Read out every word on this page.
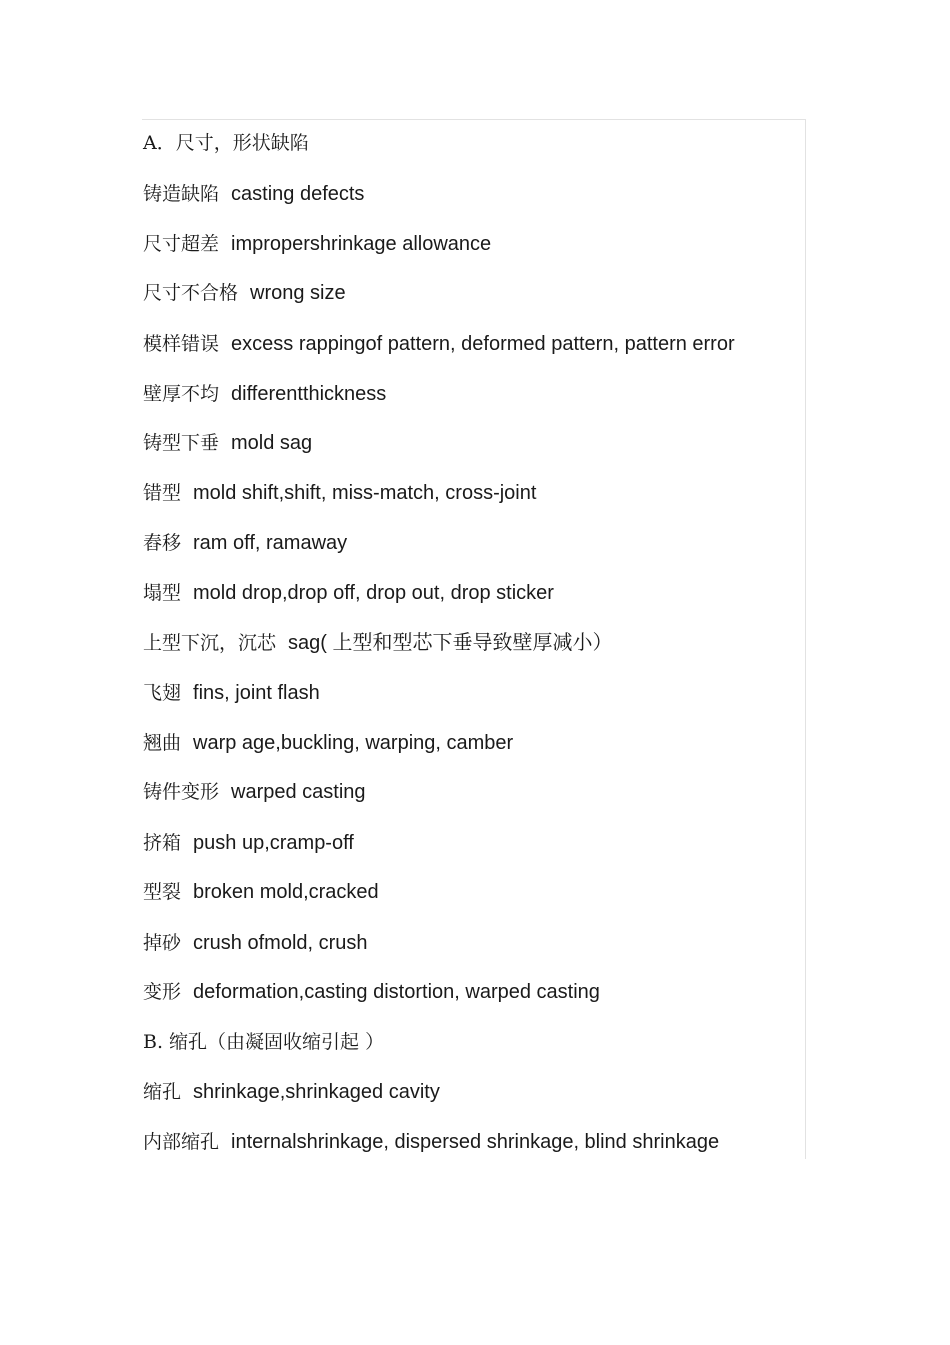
A．尺寸，形状缺陷
铸造缺陷 casting defects
尺寸超差 impropershrinkage allowance
尺寸不合格 wrong size
模样错误 excess rappingof pattern, deformed pattern, pattern error
壁厚不均 differentthickness
铸型下垂 mold sag
错型 mold shift,shift, miss-match, cross-joint
舂移 ram off, ramaway
塌型 mold drop,drop off, drop out, drop sticker
上型下沉，沉芯 sag( 上型和型芯下垂导致壁厚减小）
飞翅 fins, joint flash
翘曲 warp age,buckling, warping, camber
铸件变形 warped casting
挤箱 push up,cramp-off
型裂 broken mold,cracked
掉砂 crush ofmold, crush
变形 deformation,casting distortion, warped casting
B. 缩孔（由凝固收缩引起 ）
缩孔 shrinkage,shrinkaged cavity
内部缩孔 internalshrinkage, dispersed shrinkage, blind shrinkage
